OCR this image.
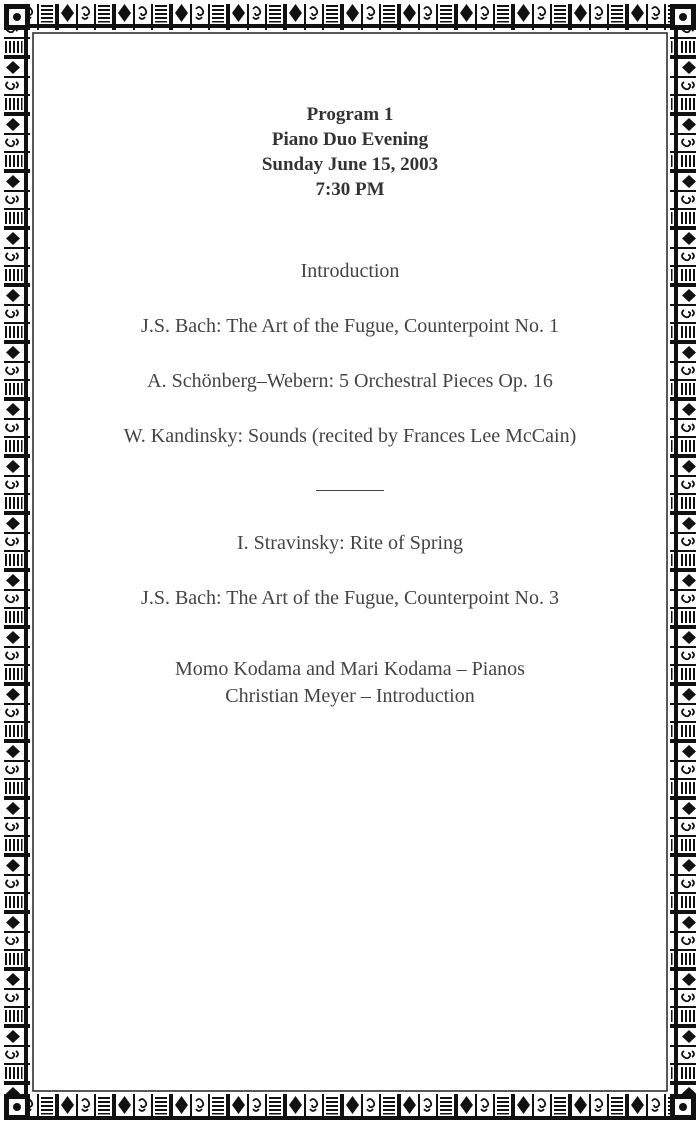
Program 1
Piano Duo Evening
Sunday June 15, 2003
7:30 PM
Introduction
J.S. Bach: The Art of the Fugue, Counterpoint No. 1
A. Schönberg–Webern: 5 Orchestral Pieces Op. 16
W. Kandinsky: Sounds (recited by Frances Lee McCain)
I. Stravinsky: Rite of Spring
J.S. Bach: The Art of the Fugue, Counterpoint No. 3
Momo Kodama and Mari Kodama – Pianos
Christian Meyer – Introduction
